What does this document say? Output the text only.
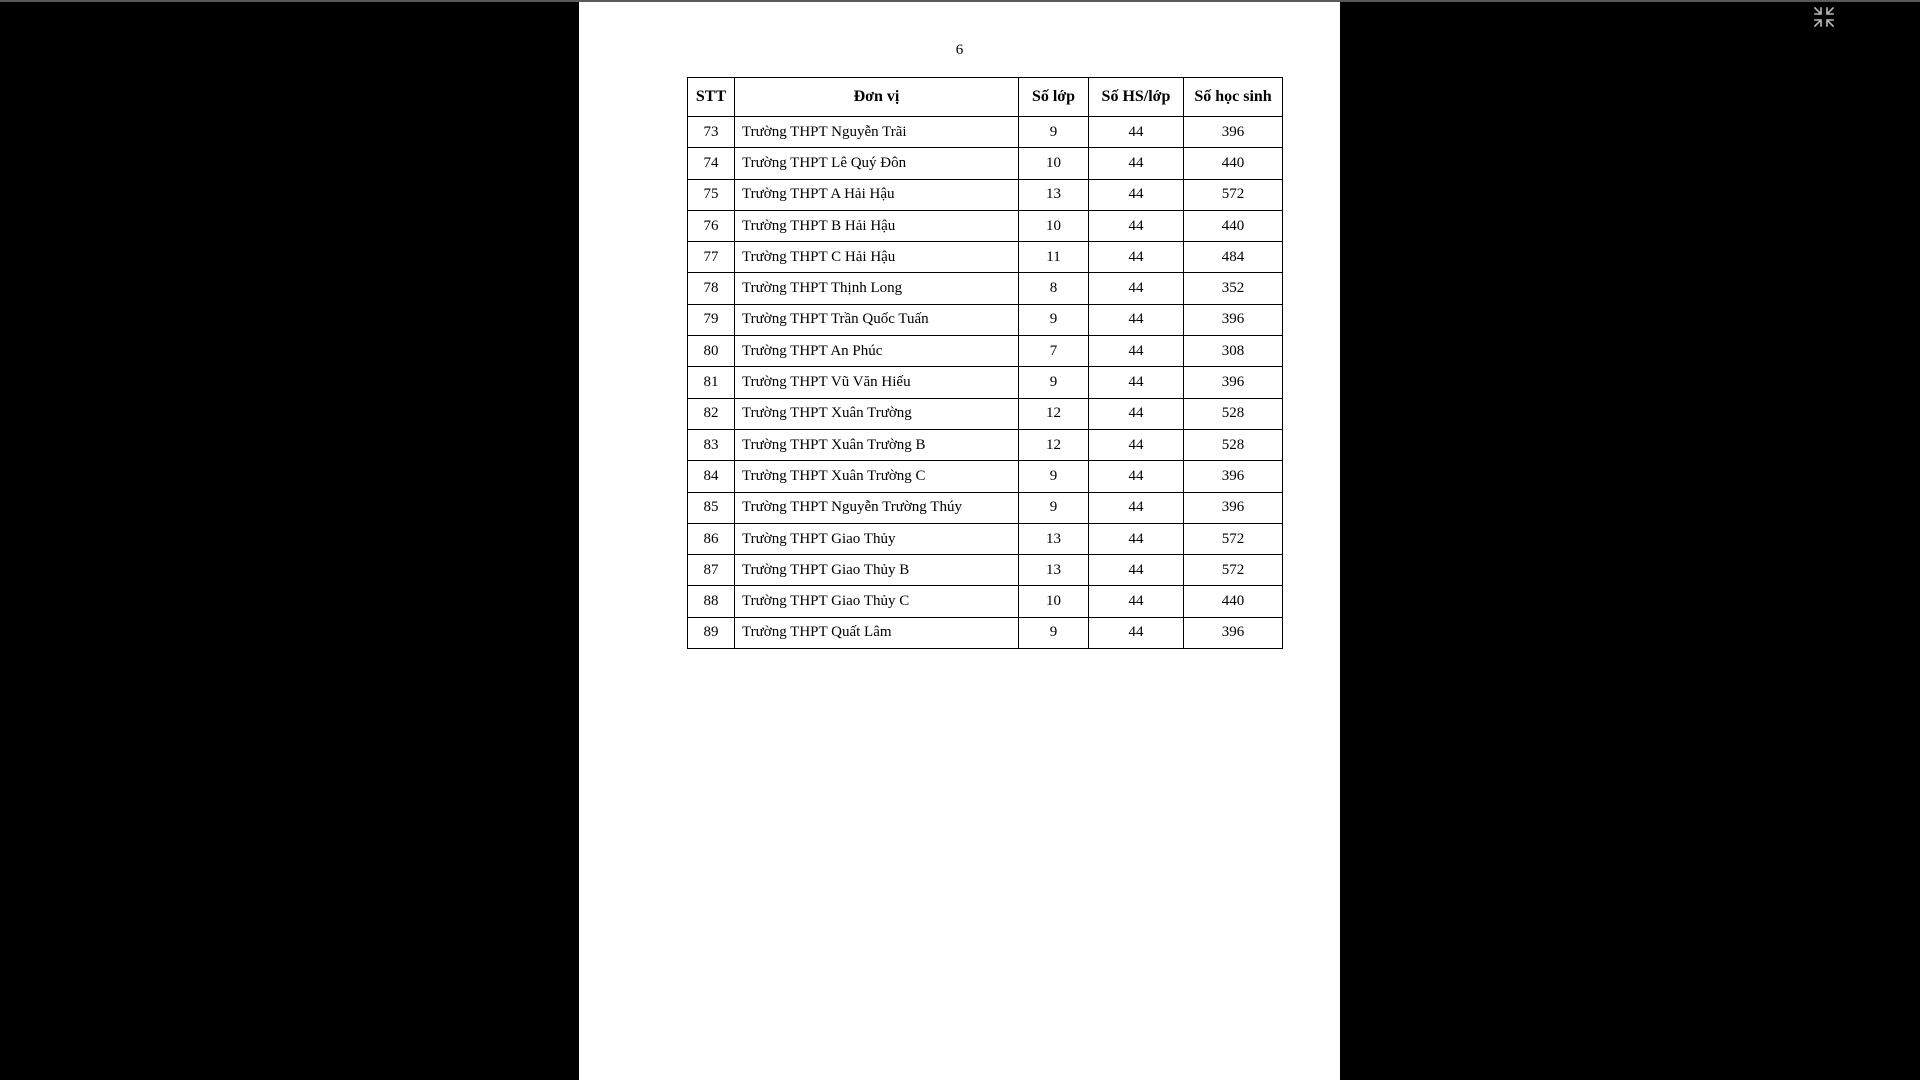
6
STT	Đơn vị	Số lớp	Số HS/lớp	Số học sinh
73	Trường THPT Nguyễn Trãi	9	44	396
74	Trường THPT Lê Quý Đôn	10	44	440
75	Trường THPT A Hải Hậu	13	44	572
76	Trường THPT B Hải Hậu	10	44	440
77	Trường THPT C Hải Hậu	11	44	484
78	Trường THPT Thịnh Long	8	44	352
79	Trường THPT Trần Quốc Tuấn	9	44	396
80	Trường THPT An Phúc	7	44	308
81	Trường THPT Vũ Văn Hiếu	9	44	396
82	Trường THPT Xuân Trường	12	44	528
83	Trường THPT Xuân Trường B	12	44	528
84	Trường THPT Xuân Trường C	9	44	396
85	Trường THPT Nguyễn Trường Thúy	9	44	396
86	Trường THPT Giao Thủy	13	44	572
87	Trường THPT Giao Thủy B	13	44	572
88	Trường THPT Giao Thủy C	10	44	440
89	Trường THPT Quất Lâm	9	44	396
